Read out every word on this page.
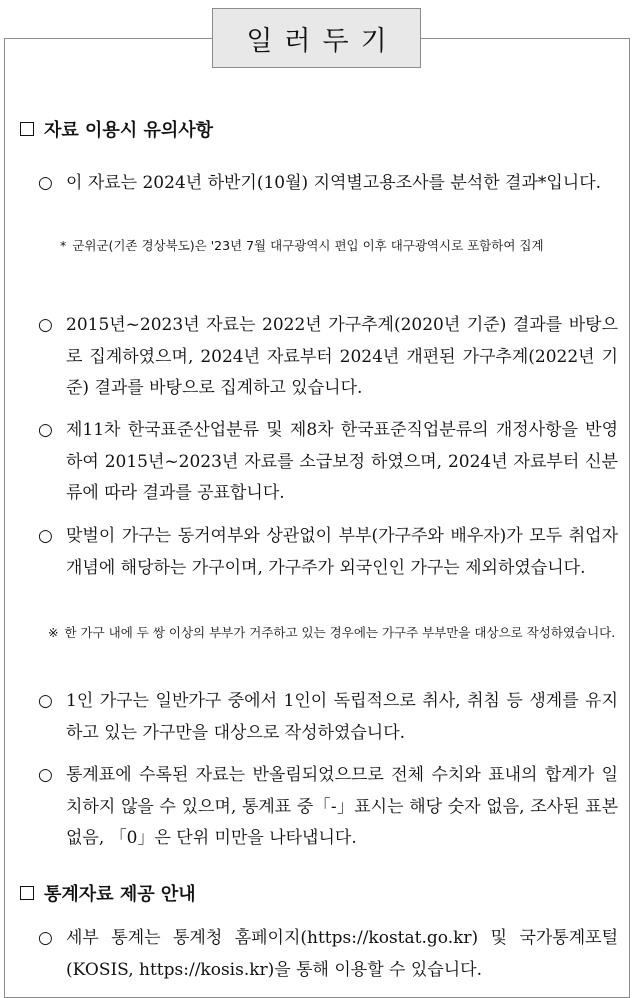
일러두기
자료 이용시 유의사항
○ 이 자료는 2024년 하반기(10월) 지역별고용조사를 분석한 결과*입니다.
* 군위군(기존 경상북도)은 '23년 7월 대구광역시 편입 이후 대구광역시로 포함하여 집계
○ 2015년~2023년 자료는 2022년 가구추계(2020년 기준) 결과를 바탕으로 집계하였으며, 2024년 자료부터 2024년 개편된 가구추계(2022년 기준) 결과를 바탕으로 집계하고 있습니다.
○ 제11차 한국표준산업분류 및 제8차 한국표준직업분류의 개정사항을 반영하여 2015년~2023년 자료를 소급보정 하였으며, 2024년 자료부터 신분류에 따라 결과를 공표합니다.
○ 맞벌이 가구는 동거여부와 상관없이 부부(가구주와 배우자)가 모두 취업자 개념에 해당하는 가구이며, 가구주가 외국인인 가구는 제외하였습니다.
※ 한 가구 내에 두 쌍 이상의 부부가 거주하고 있는 경우에는 가구주 부부만을 대상으로 작성하였습니다.
○ 1인 가구는 일반가구 중에서 1인이 독립적으로 취사, 취침 등 생계를 유지하고 있는 가구만을 대상으로 작성하였습니다.
○ 통계표에 수록된 자료는 반올림되었으므로 전체 수치와 표내의 합계가 일치하지 않을 수 있으며, 통계표 중「-」표시는 해당 숫자 없음, 조사된 표본 없음, 「0」은 단위 미만을 나타냅니다.
통계자료 제공 안내
○ 세부 통계는 통계청 홈페이지(https://kostat.go.kr) 및 국가통계포털(KOSIS, https://kosis.kr)을 통해 이용할 수 있습니다.
